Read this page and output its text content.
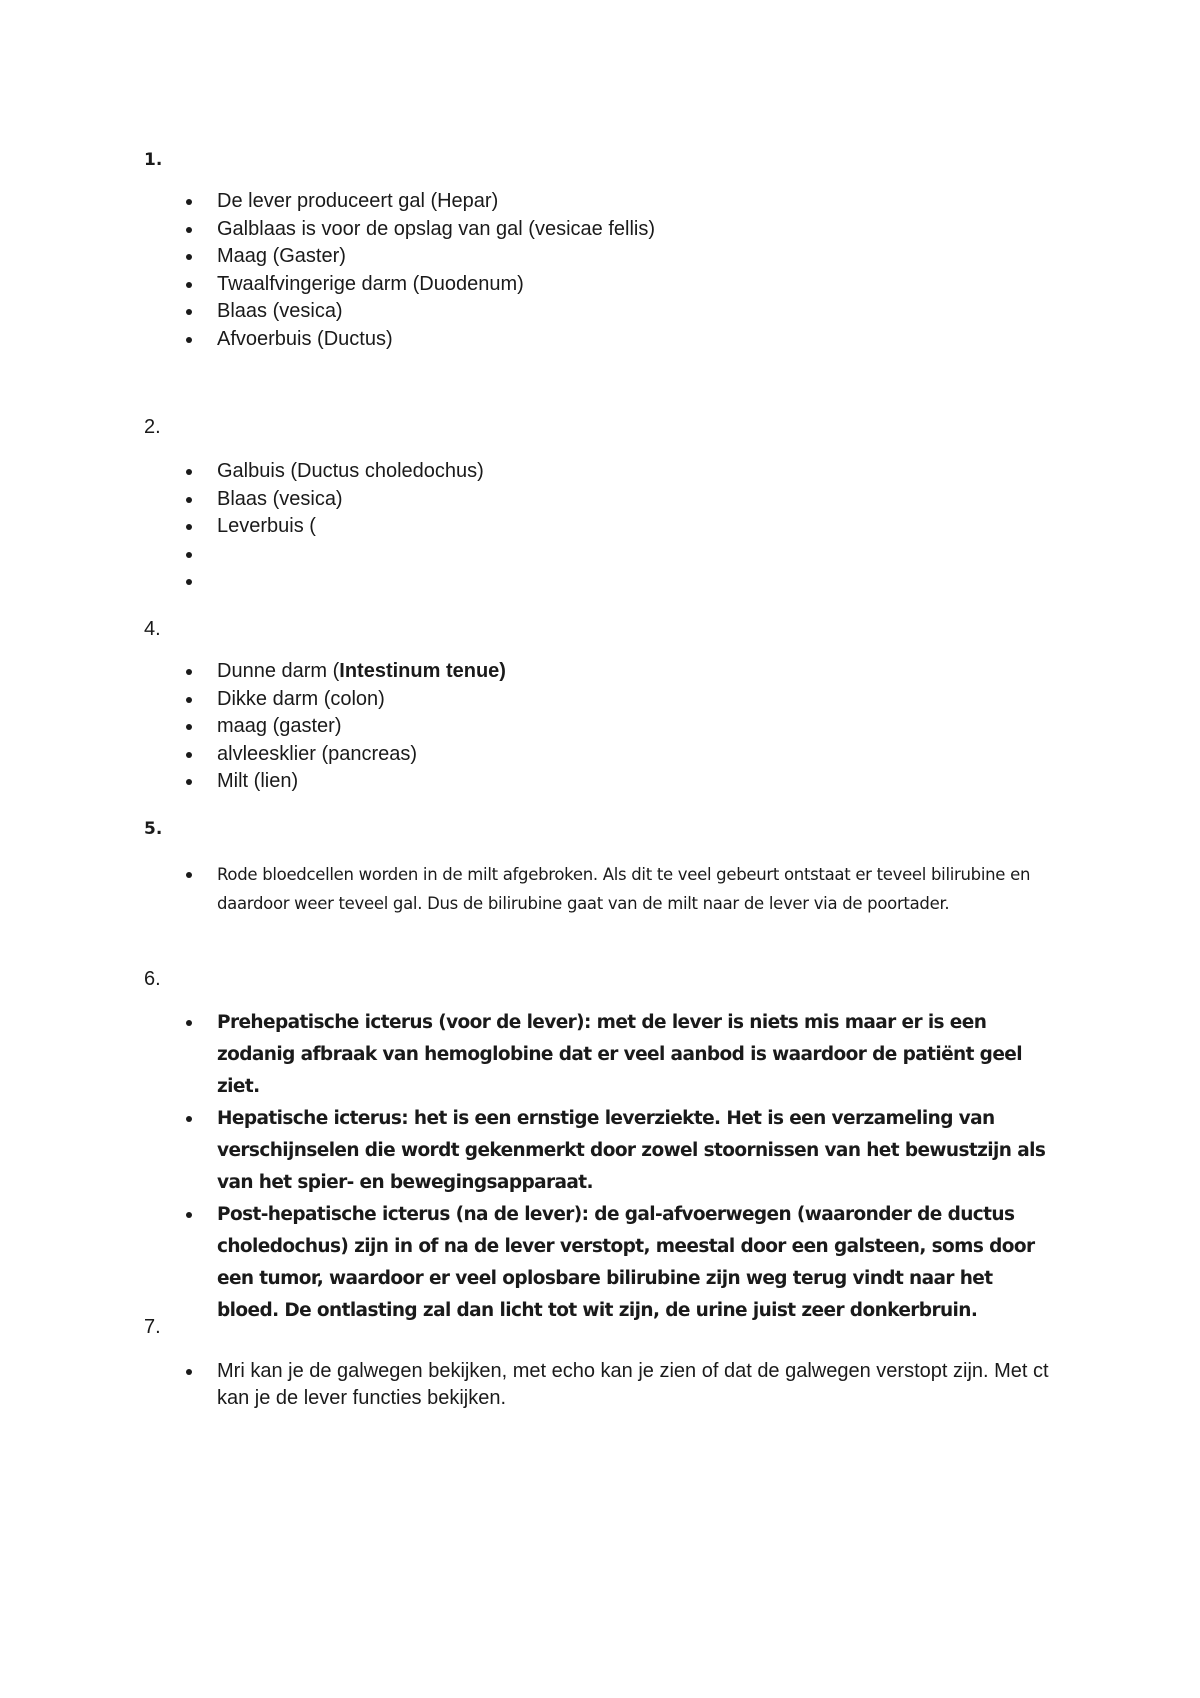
1.
De lever produceert gal (Hepar)
Galblaas is voor de opslag van gal (vesicae fellis)
Maag (Gaster)
Twaalfvingerige darm (Duodenum)
Blaas (vesica)
Afvoerbuis (Ductus)
2.
Galbuis (Ductus choledochus)
Blaas (vesica)
Leverbuis (

4.
Dunne darm (Intestinum tenue)
Dikke darm (colon)
maag (gaster)
alvleesklier (pancreas)
Milt (lien)
5.
Rode bloedcellen worden in de milt afgebroken. Als dit te veel gebeurt ontstaat er teveel bilirubine en daardoor weer teveel gal. Dus de bilirubine gaat van de milt naar de lever via de poortader.
6.
Prehepatische icterus (voor de lever): met de lever is niets mis maar er is een zodanig afbraak van hemoglobine dat er veel aanbod is waardoor de patiënt geel ziet.
Hepatische icterus: het is een ernstige leverziekte. Het is een verzameling van verschijnselen die wordt gekenmerkt door zowel stoornissen van het bewustzijn als van het spier- en bewegingsapparaat.
Post-hepatische icterus (na de lever): de gal-afvoerwegen (waaronder de ductus choledochus) zijn in of na de lever verstopt, meestal door een galsteen, soms door een tumor, waardoor er veel oplosbare bilirubine zijn weg terug vindt naar het bloed. De ontlasting zal dan licht tot wit zijn, de urine juist zeer donkerbruin.
7.
Mri kan je de galwegen bekijken, met echo kan je zien of dat de galwegen verstopt zijn. Met ct kan je de lever functies bekijken.
